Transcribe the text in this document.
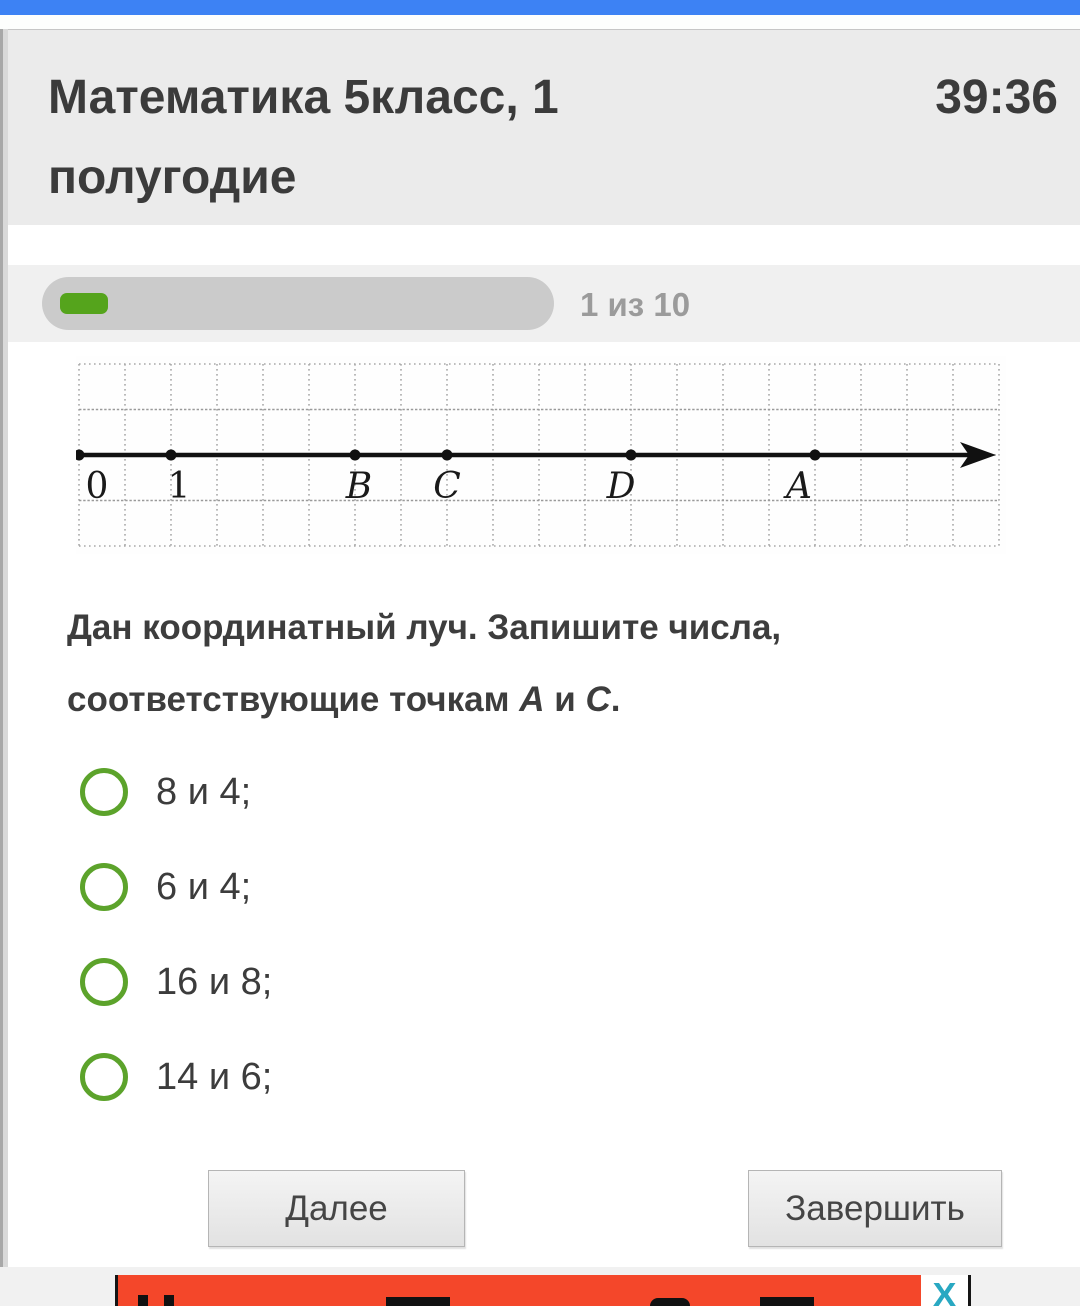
Математика 5класс, 1
полугодие
39:36
1 из 10
0 1	B C	D	A
Дан координатный луч. Запишите числа,
соответствующие точкам А и С.
8 и 4;
6 и 4;
16 и 8;
14 и 6;
Далее	Завершить
X
